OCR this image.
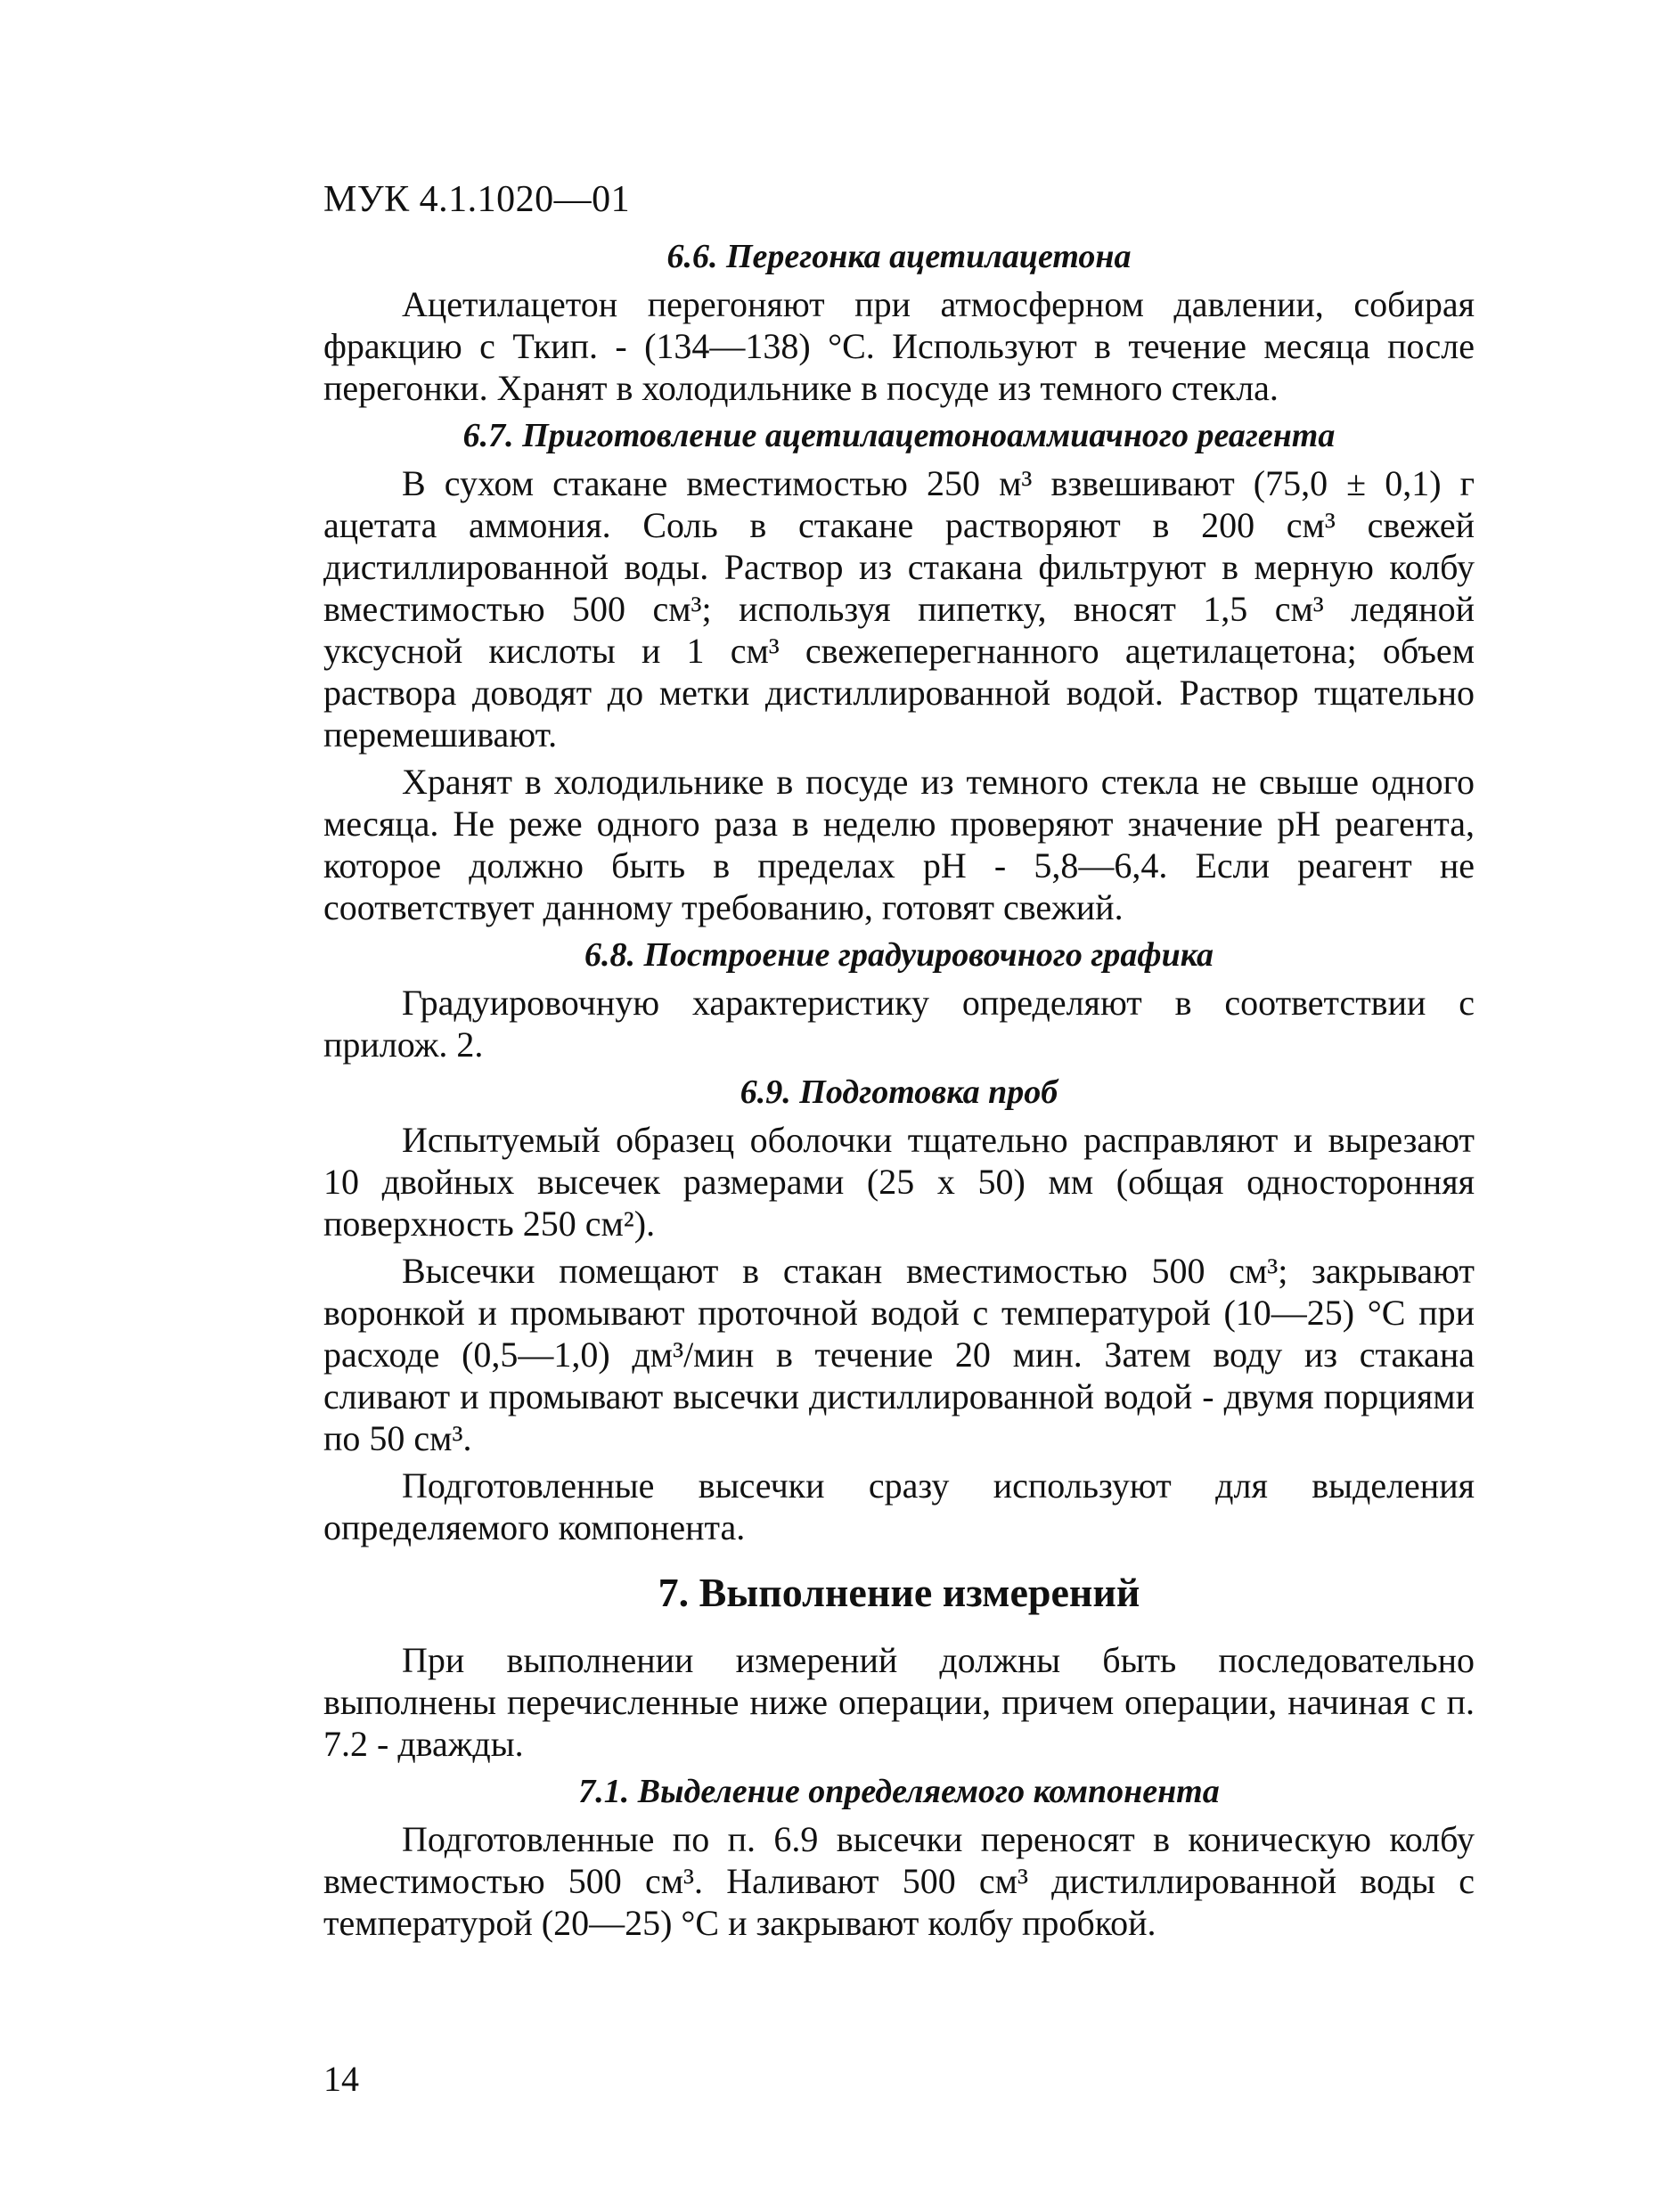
МУК 4.1.1020—01
6.6. Перегонка ацетилацетона

Ацетилацетон перегоняют при атмосферном давлении, собирая фракцию с Ткип. - (134—138) °С. Используют в течение месяца после перегонки. Хранят в холодильнике в посуде из темного стекла.

6.7. Приготовление ацетилацетоноаммиачного реагента

В сухом стакане вместимостью 250 м³ взвешивают (75,0 ± 0,1) г ацетата аммония. Соль в стакане растворяют в 200 см³ свежей дистиллированной воды. Раствор из стакана фильтруют в мерную колбу вместимостью 500 см³; используя пипетку, вносят 1,5 см³ ледяной уксусной кислоты и 1 см³ свежеперегнанного ацетилацетона; объем раствора доводят до метки дистиллированной водой. Раствор тщательно перемешивают.

Хранят в холодильнике в посуде из темного стекла не свыше одного месяца. Не реже одного раза в неделю проверяют значение рН реагента, которое должно быть в пределах рН - 5,8—6,4. Если реагент не соответствует данному требованию, готовят свежий.

6.8. Построение градуировочного графика

Градуировочную характеристику определяют в соответствии с прилож. 2.

6.9. Подготовка проб

Испытуемый образец оболочки тщательно расправляют и вырезают 10 двойных высечек размерами (25 х 50) мм (общая односторонняя поверхность 250 см²).

Высечки помещают в стакан вместимостью 500 см³; закрывают воронкой и промывают проточной водой с температурой (10—25) °С при расходе (0,5—1,0) дм³/мин в течение 20 мин. Затем воду из стакана сливают и промывают высечки дистиллированной водой - двумя порциями по 50 см³.

Подготовленные высечки сразу используют для выделения определяемого компонента.

7. Выполнение измерений

При выполнении измерений должны быть последовательно выполнены перечисленные ниже операции, причем операции, начиная с п. 7.2 - дважды.

7.1. Выделение определяемого компонента

Подготовленные по п. 6.9 высечки переносят в коническую колбу вместимостью 500 см³. Наливают 500 см³ дистиллированной воды с температурой (20—25) °С и закрывают колбу пробкой.

14
